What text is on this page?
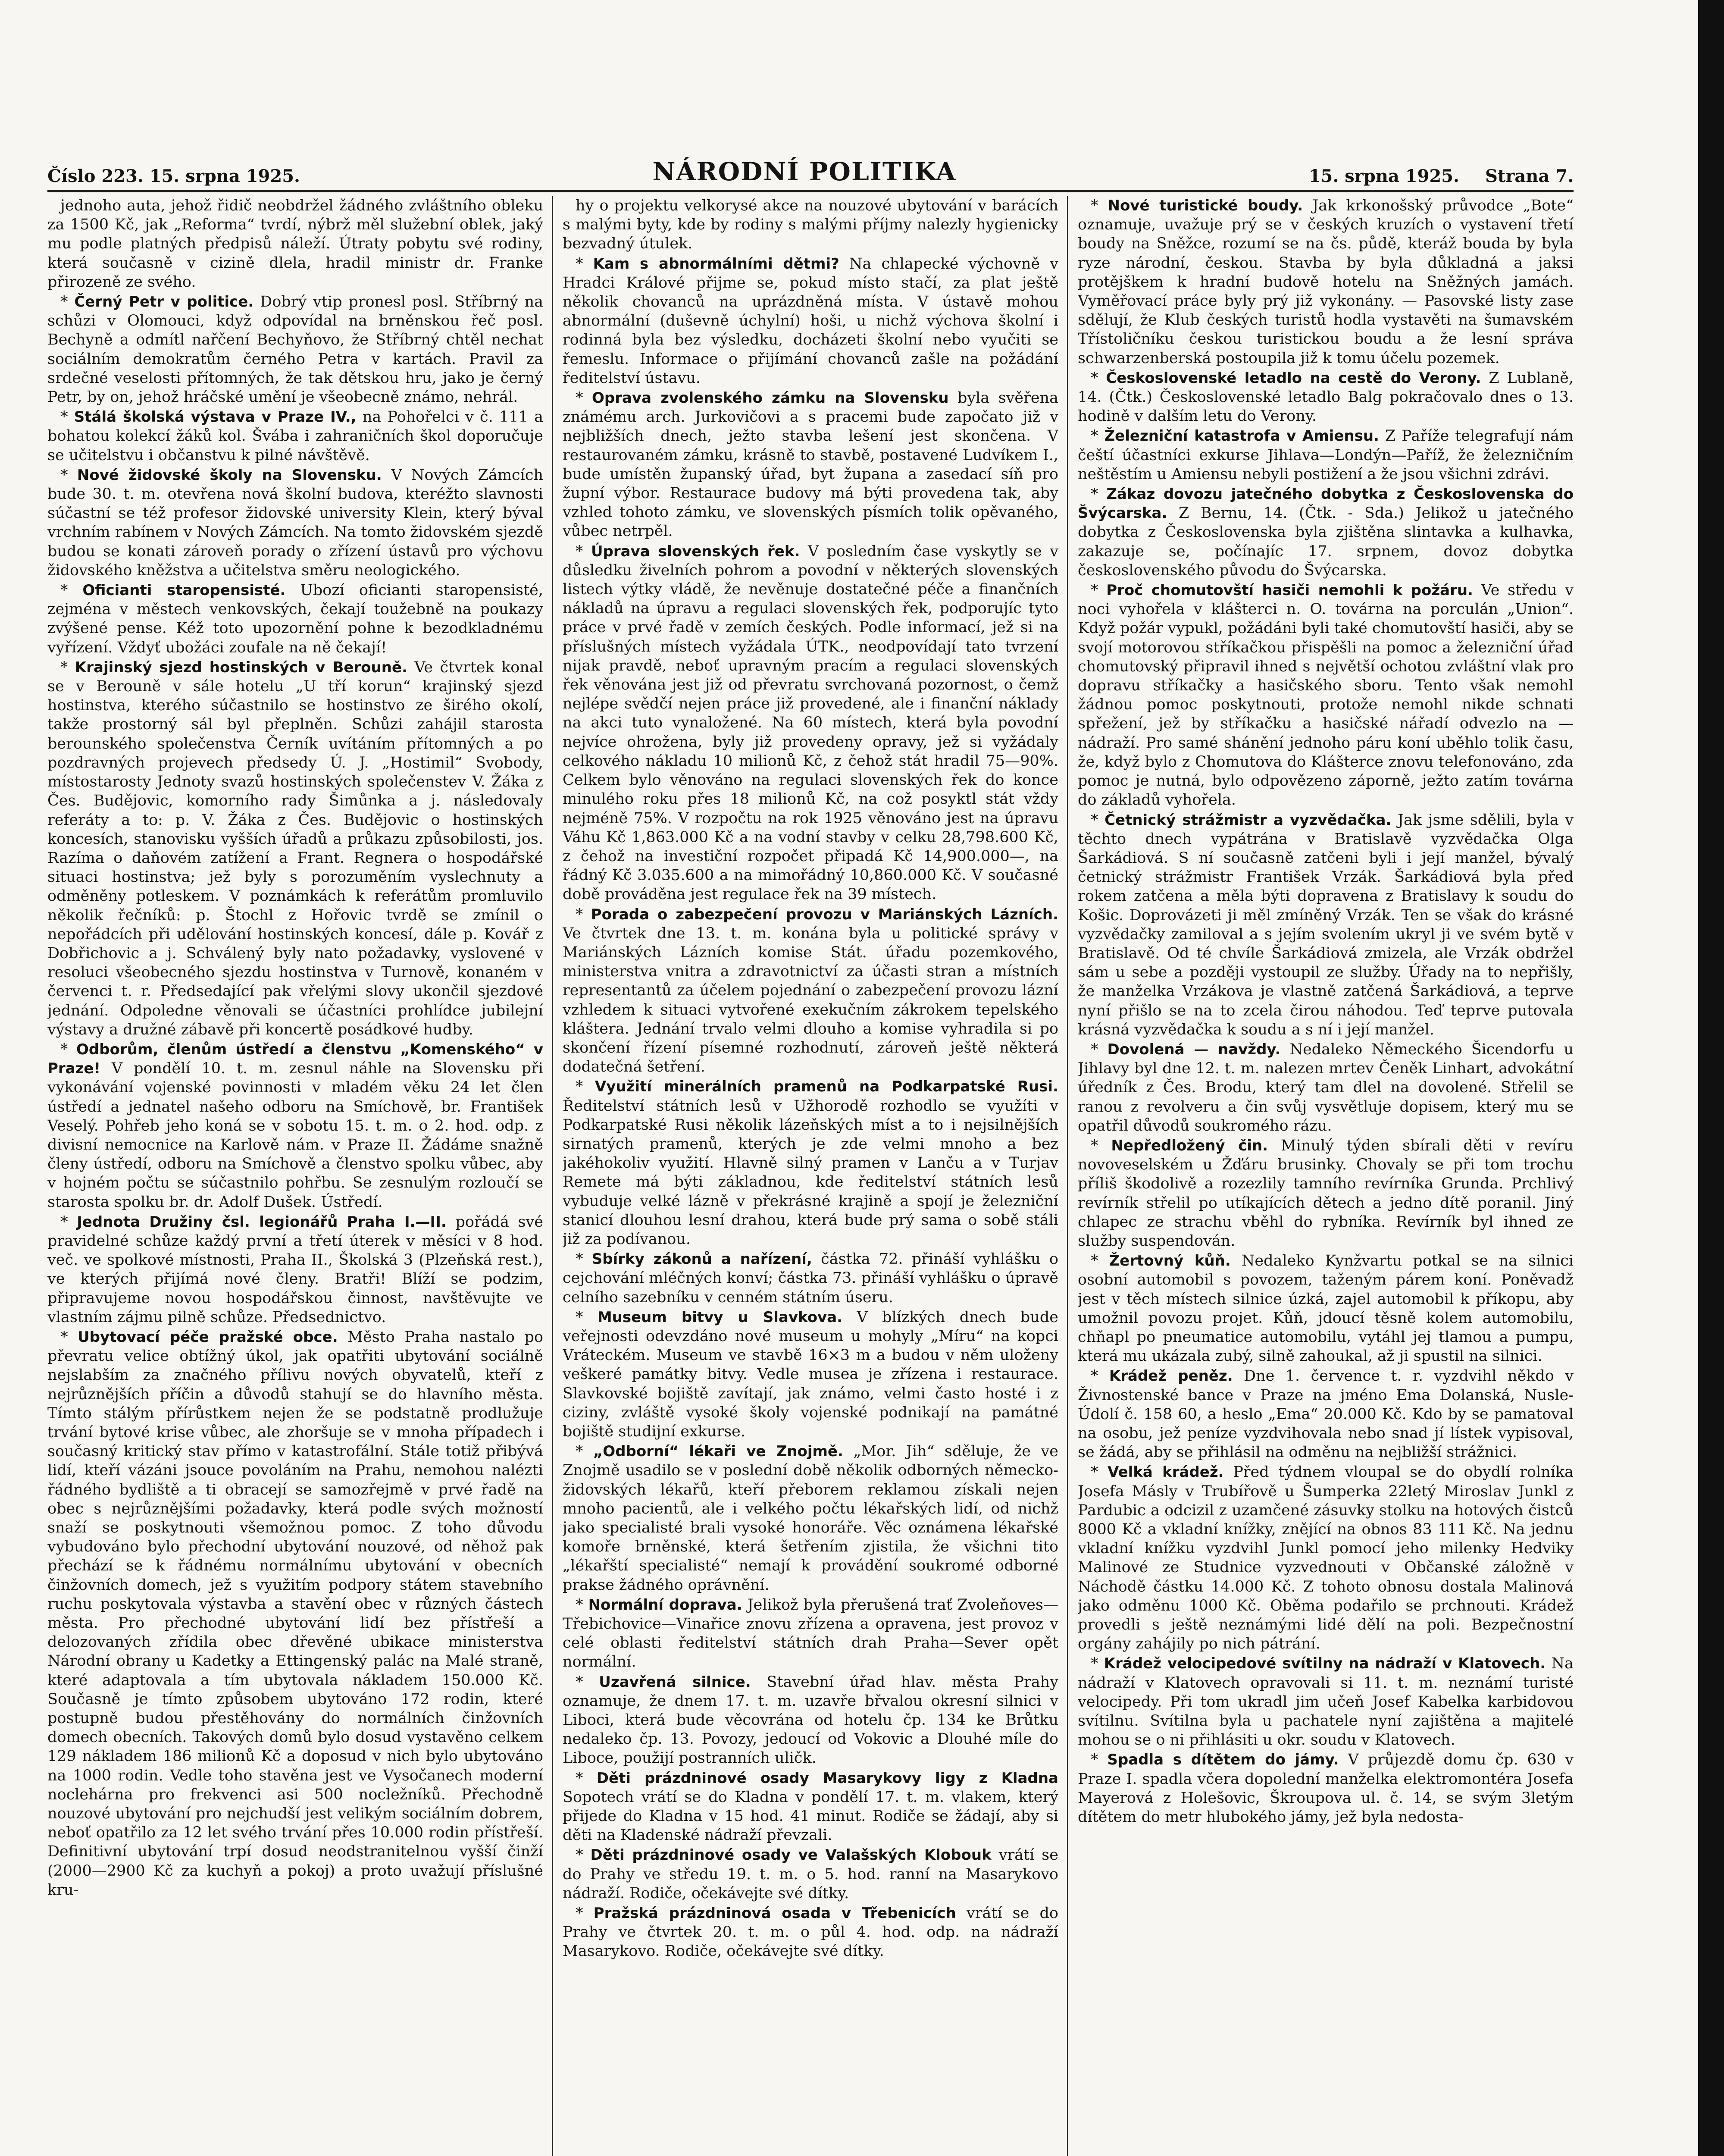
Číslo 223. 15. srpna 1925.	NÁRODNÍ POLITIKA	15. srpna 1925. Strana 7.

jednoho auta, jehož řidič neobdržel žádného zvláštního obleku za 1500 Kč, jak „Reforma“ tvrdí, nýbrž měl služební oblek, jaký mu podle platných předpisů náleží. Útraty pobytu své rodiny, která současně v cizině dlela, hradil ministr dr. Franke přirozeně ze svého.

* Černý Petr v politice. Dobrý vtip pronesl posl. Stříbrný na schůzi v Olomouci, když odpovídal na brněnskou řeč posl. Bechyně a odmítl nařčení Bechyňovo, že Stříbrný chtěl nechat sociálním demokratům černého Petra v kartách. Pravil za srdečné veselosti přítomných, že tak dětskou hru, jako je černý Petr, by on, jehož hráčské umění je všeobecně známo, nehrál.

* Stálá školská výstava v Praze IV., na Pohořelci v č. 111 a bohatou kolekcí žáků kol. Švába i zahraničních škol doporučuje se učitelstvu i občanstvu k pilné návštěvě.

* Nové židovské školy na Slovensku. V Nových Zámcích bude 30. t. m. otevřena nová školní budova, kteréžto slavnosti súčastní se též profesor židovské university Klein, který býval vrchním rabínem v Nových Zámcích. Na tomto židovském sjezdě budou se konati zároveň porady o zřízení ústavů pro výchovu židovského kněžstva a učitelstva směru neologického.

* Oficianti staropensisté. Ubozí oficianti staropensisté, zejména v městech venkovských, čekají toužebně na poukazy zvýšené pense. Kéž toto upozornění pohne k bezodkladnému vyřízení. Vždyť ubožáci zoufale na ně čekají!

* Krajinský sjezd hostinských v Berouně. Ve čtvrtek konal se v Berouně v sále hotelu „U tří korun“ krajinský sjezd hostinstva, kterého súčastnilo se hostinstvo ze širého okolí, takže prostorný sál byl přeplněn. Schůzi zahájil starosta berounského společenstva Černík uvítáním přítomných a po pozdravných projevech předsedy Ú. J. „Hostimil“ Svobody, místostarosty Jednoty svazů hostinských společenstev V. Žáka z Čes. Budějovic, komorního rady Šimůnka a j. následovaly referáty a to: p. V. Žáka z Čes. Budějovic o hostinských koncesích, stanovisku vyšších úřadů a průkazu způsobilosti, jos. Razíma o daňovém zatížení a Frant. Regnera o hospodářské situaci hostinstva; jež byly s porozuměním vyslechnuty a odměněny potleskem. V poznámkách k referátům promluvilo několik řečníků: p. Štochl z Hořovic tvrdě se zmínil o nepořádcích při udělování hostinských koncesí, dále p. Kovář z Dobřichovic a j. Schválený byly nato požadavky, vyslovené v resoluci všeobecného sjezdu hostinstva v Turnově, konaném v červenci t. r. Předsedající pak vřelými slovy ukončil sjezdové jednání. Odpoledne věnovali se účastníci prohlídce jubilejní výstavy a družné zábavě při koncertě posádkové hudby.

* Odborům, členům ústředí a členstvu „Komenského“ v Praze! V pondělí 10. t. m. zesnul náhle na Slovensku při vykonávání vojenské povinnosti v mladém věku 24 let člen ústředí a jednatel našeho odboru na Smíchově, br. František Veselý. Pohřeb jeho koná se v sobotu 15. t. m. o 2. hod. odp. z divisní nemocnice na Karlově nám. v Praze II. Žádáme snažně členy ústředí, odboru na Smíchově a členstvo spolku vůbec, aby v hojném počtu se súčastnilo pohřbu. Se zesnulým rozloučí se starosta spolku br. dr. Adolf Dušek. Ústředí.

* Jednota Družiny čsl. legionářů Praha I.—II. pořádá své pravidelné schůze každý první a třetí úterek v měsíci v 8 hod. več. ve spolkové místnosti, Praha II., Školská 3 (Plzeňská rest.), ve kterých přijímá nové členy. Bratři! Blíží se podzim, připravujeme novou hospodářskou činnost, navštěvujte ve vlastním zájmu pilně schůze. Předsednictvo.

* Ubytovací péče pražské obce. Město Praha nastalo po převratu velice obtížný úkol, jak opatřiti ubytování sociálně nejslabším za značného přílivu nových obyvatelů, kteří z nejrůznějších příčin a důvodů stahují se do hlavního města. Tímto stálým přírůstkem nejen že se podstatně prodlužuje trvání bytové krise vůbec, ale zhoršuje se v mnoha případech i současný kritický stav přímo v katastrofální. Stále totiž přibývá lidí, kteří vázáni jsouce povoláním na Prahu, nemohou nalézti řádného bydliště a ti obracejí se samozřejmě v prvé řadě na obec s nejrůznějšími požadavky, která podle svých možností snaží se poskytnouti všemožnou pomoc. Z toho důvodu vybudováno bylo přechodní ubytování nouzové, od něhož pak přechází se k řádnému normálnímu ubytování v obecních činžovních domech, jež s využitím podpory státem stavebního ruchu poskytovala výstavba a stavění obec v různých částech města. Pro přechodné ubytování lidí bez přístřeší a delozovaných zřídila obec dřevěné ubikace ministerstva Národní obrany u Kadetky a Ettingenský palác na Malé straně, které adaptovala a tím ubytovala nákladem 150.000 Kč. Současně je tímto způsobem ubytováno 172 rodin, které postupně budou přestěhovány do normálních činžovních domech obecních. Takových domů bylo dosud vystavěno celkem 129 nákladem 186 milionů Kč a doposud v nich bylo ubytováno na 1000 rodin. Vedle toho stavěna jest ve Vysočanech moderní noclehárna pro frekvenci asi 500 nocležníků. Přechodně nouzové ubytování pro nejchudší jest velikým sociálním dobrem, neboť opatřilo za 12 let svého trvání přes 10.000 rodin přístřeší. Definitivní ubytování trpí dosud neodstranitelnou vyšší činží (2000—2900 Kč za kuchyň a pokoj) a proto uvažují příslušné kru-

hy o projektu velkorysé akce na nouzové ubytování v barácích s malými byty, kde by rodiny s malými příjmy nalezly hygienicky bezvadný útulek.

* Kam s abnormálními dětmi? Na chlapecké výchovně v Hradci Králové přijme se, pokud místo stačí, za plat ještě několik chovanců na uprázdněná místa. V ústavě mohou abnormální (duševně úchylní) hoši, u nichž výchova školní i rodinná byla bez výsledku, docházeti školní nebo vyučiti se řemeslu. Informace o přijímání chovanců zašle na požádání ředitelství ústavu.

* Oprava zvolenského zámku na Slovensku byla svěřena známému arch. Jurkovičovi a s pracemi bude započato již v nejbližších dnech, ježto stavba lešení jest skončena. V restaurovaném zámku, krásně to stavbě, postavené Ludvíkem I., bude umístěn županský úřad, byt župana a zasedací síň pro župní výbor. Restaurace budovy má býti provedena tak, aby vzhled tohoto zámku, ve slovenských písmích tolik opěvaného, vůbec netrpěl.

* Úprava slovenských řek. V posledním čase vyskytly se v důsledku živelních pohrom a povodní v některých slovenských listech výtky vládě, že nevěnuje dostatečné péče a finančních nákladů na úpravu a regulaci slovenských řek, podporujíc tyto práce v prvé řadě v zemích českých. Podle informací, jež si na příslušných místech vyžádala ÚTK., neodpovídají tato tvrzení nijak pravdě, neboť upravným pracím a regulaci slovenských řek věnována jest již od převratu svrchovaná pozornost, o čemž nejlépe svědčí nejen práce již provedené, ale i finanční náklady na akci tuto vynaložené. Na 60 místech, která byla povodní nejvíce ohrožena, byly již provedeny opravy, jež si vyžádaly celkového nákladu 10 milionů Kč, z čehož stát hradil 75—90%. Celkem bylo věnováno na regulaci slovenských řek do konce minulého roku přes 18 milionů Kč, na což posyktl stát vždy nejméně 75%. V rozpočtu na rok 1925 věnováno jest na úpravu Váhu Kč 1,863.000 Kč a na vodní stavby v celku 28,798.600 Kč, z čehož na investiční rozpočet připadá Kč 14,900.000—, na řádný Kč 3.035.600 a na mimořádný 10,860.000 Kč. V současné době prováděna jest regulace řek na 39 místech.

* Porada o zabezpečení provozu v Mariánských Lázních. Ve čtvrtek dne 13. t. m. konána byla u politické správy v Mariánských Lázních komise Stát. úřadu pozemkového, ministerstva vnitra a zdravotnictví za účasti stran a místních representantů za účelem pojednání o zabezpečení provozu lázní vzhledem k situaci vytvořené exekučním zákrokem tepelského kláštera. Jednání trvalo velmi dlouho a komise vyhradila si po skončení řízení písemné rozhodnutí, zároveň ještě některá dodatečná šetření.

* Využití minerálních pramenů na Podkarpatské Rusi. Ředitelství státních lesů v Užhorodě rozhodlo se využíti v Podkarpatské Rusi několik lázeňských míst a to i nejsilnějších sirnatých pramenů, kterých je zde velmi mnoho a bez jakéhokoliv využití. Hlavně silný pramen v Lanču a v Turjav Remete má býti základnou, kde ředitelství státních lesů vybuduje velké lázně v překrásné krajině a spojí je železniční stanicí dlouhou lesní drahou, která bude prý sama o sobě stáli již za podívanou.

* Sbírky zákonů a nařízení, částka 72. přináší vyhlášku o cejchování mléčných konví; částka 73. přináší vyhlášku o úpravě celního sazebníku v cenném státním úseru.

* Museum bitvy u Slavkova. V blízkých dnech bude veřejnosti odevzdáno nové museum u mohyly „Míru“ na kopci Vráteckém. Museum ve stavbě 16×3 m a budou v něm uloženy veškeré památky bitvy. Vedle musea je zřízena i restaurace. Slavkovské bojiště zavítají, jak známo, velmi často hosté i z ciziny, zvláště vysoké školy vojenské podnikají na památné bojiště studijní exkurse.

* „Odborní“ lékaři ve Znojmě. „Mor. Jih“ sděluje, že ve Znojmě usadilo se v poslední době několik odborných německo-židovských lékařů, kteří přeborem reklamou získali nejen mnoho pacientů, ale i velkého počtu lékařských lidí, od nichž jako specialisté brali vysoké honoráře. Věc oznámena lékařské komoře brněnské, která šetřením zjistila, že všichni tito „lékařští specialisté“ nemají k provádění soukromé odborné prakse žádného oprávnění.

* Normální doprava. Jelikož byla přerušená trať Zvoleňoves—Třebichovice—Vinařice znovu zřízena a opravena, jest provoz v celé oblasti ředitelství státních drah Praha—Sever opět normální.

* Uzavřená silnice. Stavební úřad hlav. města Prahy oznamuje, že dnem 17. t. m. uzavře břvalou okresní silnici v Liboci, která bude věcovrána od hotelu čp. 134 ke Brůtku nedaleko čp. 13. Povozy, jedoucí od Vokovic a Dlouhé míle do Liboce, použijí postranních uličk.

* Děti prázdninové osady Masarykovy ligy z Kladna Sopotech vrátí se do Kladna v pondělí 17. t. m. vlakem, který přijede do Kladna v 15 hod. 41 minut. Rodiče se žádají, aby si děti na Kladenské nádraží převzali.

* Děti prázdninové osady ve Valašských Klobouk vrátí se do Prahy ve středu 19. t. m. o 5. hod. ranní na Masarykovo nádraží. Rodiče, očekávejte své dítky.

* Pražská prázdninová osada v Třebenicích vrátí se do Prahy ve čtvrtek 20. t. m. o půl 4. hod. odp. na nádraží Masarykovo. Rodiče, očekávejte své dítky.

* Nové turistické boudy. Jak krkonošský průvodce „Bote“ oznamuje, uvažuje prý se v českých kruzích o vystavení třetí boudy na Sněžce, rozumí se na čs. půdě, kteráž bouda by byla ryze národní, českou. Stavba by byla důkladná a jaksi protějškem k hradní budově hotelu na Sněžných jamách. Vyměřovací práce byly prý již vykonány. — Pasovské listy zase sdělují, že Klub českých turistů hodla vystavěti na šumavském Třístoličníku českou turistickou boudu a že lesní správa schwarzenberská postoupila již k tomu účelu pozemek.

* Československé letadlo na cestě do Verony. Z Lublaně, 14. (Čtk.) Československé letadlo Balg pokračovalo dnes o 13. hodině v dalším letu do Verony.

* Železniční katastrofa v Amiensu. Z Paříže telegrafují nám čeští účastníci exkurse Jihlava—Londýn—Paříž, že železničním neštěstím u Amiensu nebyli postižení a že jsou všichni zdrávi.

* Zákaz dovozu jatečného dobytka z Československa do Švýcarska. Z Bernu, 14. (Čtk. - Sda.) Jelikož u jatečného dobytka z Československa byla zjištěna slintavka a kulhavka, zakazuje se, počínajíc 17. srpnem, dovoz dobytka československého původu do Švýcarska.

* Proč chomutovští hasiči nemohli k požáru. Ve středu v noci vyhořela v klášterci n. O. továrna na porculán „Union“. Když požár vypukl, požádáni byli také chomutovští hasiči, aby se svojí motorovou stříkačkou přispěšli na pomoc a železniční úřad chomutovský připravil ihned s největší ochotou zvláštní vlak pro dopravu stříkačky a hasičského sboru. Tento však nemohl žádnou pomoc poskytnouti, protože nemohl nikde schnati spřežení, jež by stříkačku a hasičské nářadí odvezlo na — nádraží. Pro samé shánění jednoho páru koní uběhlo tolik času, že, když bylo z Chomutova do Klášterce znovu telefonováno, zda pomoc je nutná, bylo odpovězeno záporně, ježto zatím továrna do základů vyhořela.

* Četnický strážmistr a vyzvědačka. Jak jsme sdělili, byla v těchto dnech vypátrána v Bratislavě vyzvědačka Olga Šarkádiová. S ní současně zatčeni byli i její manžel, bývalý četnický strážmistr František Vrzák. Šarkádiová byla před rokem zatčena a měla býti dopravena z Bratislavy k soudu do Košic. Doprovázeti ji měl zmíněný Vrzák. Ten se však do krásné vyzvědačky zamiloval a s jejím svolením ukryl ji ve svém bytě v Bratislavě. Od té chvíle Šarkádiová zmizela, ale Vrzák obdržel sám u sebe a později vystoupil ze služby. Úřady na to nepřišly, že manželka Vrzákova je vlastně zatčená Šarkádiová, a teprve nyní přišlo se na to zcela čirou náhodou. Teď teprve putovala krásná vyzvědačka k soudu a s ní i její manžel.

* Dovolená — navždy. Nedaleko Německého Šicendorfu u Jihlavy byl dne 12. t. m. nalezen mrtev Čeněk Linhart, advokátní úředník z Čes. Brodu, který tam dlel na dovolené. Střelil se ranou z revolveru a čin svůj vysvětluje dopisem, který mu se opatřil důvodů soukromého rázu.

* Nepředložený čin. Minulý týden sbírali děti v revíru novoveselském u Žďáru brusinky. Chovaly se při tom trochu příliš škodolivě a rozezlily tamního revírníka Grunda. Prchlivý revírník střelil po utíkajících dětech a jedno dítě poranil. Jiný chlapec ze strachu vběhl do rybníka. Revírník byl ihned ze služby suspendován.

* Žertovný kůň. Nedaleko Kynžvartu potkal se na silnici osobní automobil s povozem, taženým párem koní. Poněvadž jest v těch místech silnice úzká, zajel automobil k příkopu, aby umožnil povozu projet. Kůň, jdoucí těsně kolem automobilu, chňapl po pneumatice automobilu, vytáhl jej tlamou a pumpu, která mu ukázala zubý, silně zahoukal, až ji spustil na silnici.

* Krádež peněz. Dne 1. července t. r. vyzdvihl někdo v Živnostenské bance v Praze na jméno Ema Dolanská, Nusle-Údolí č. 158 60, a heslo „Ema“ 20.000 Kč. Kdo by se pamatoval na osobu, jež peníze vyzdvihovala nebo snad jí lístek vypisoval, se žádá, aby se přihlásil na odměnu na nejbližší strážnici.

* Velká krádež. Před týdnem vloupal se do obydlí rolníka Josefa Másly v Trubířově u Šumperka 22letý Miroslav Junkl z Pardubic a odcizil z uzamčené zásuvky stolku na hotových čistců 8000 Kč a vkladní knížky, znějící na obnos 83 111 Kč. Na jednu vkladní knížku vyzdvihl Junkl pomocí jeho milenky Hedviky Malinové ze Studnice vyzvednouti v Občanské záložně v Náchodě částku 14.000 Kč. Z tohoto obnosu dostala Malinová jako odměnu 1000 Kč. Oběma podařilo se prchnouti. Krádež provedli s ještě neznámými lidé dělí na poli. Bezpečnostní orgány zahájily po nich pátrání.

* Krádež velocipedové svítilny na nádraží v Klatovech. Na nádraží v Klatovech opravovali si 11. t. m. neznámí turisté velocipedy. Při tom ukradl jim učeň Josef Kabelka karbidovou svítilnu. Svítilna byla u pachatele nyní zajištěna a majitelé mohou se o ni přihlásiti u okr. soudu v Klatovech.

* Spadla s dítětem do jámy. V průjezdě domu čp. 630 v Praze I. spadla včera dopolední manželka elektromontéra Josefa Mayerová z Holešovic, Škroupova ul. č. 14, se svým 3letým dítětem do metr hlubokého jámy, jež byla nedosta-
